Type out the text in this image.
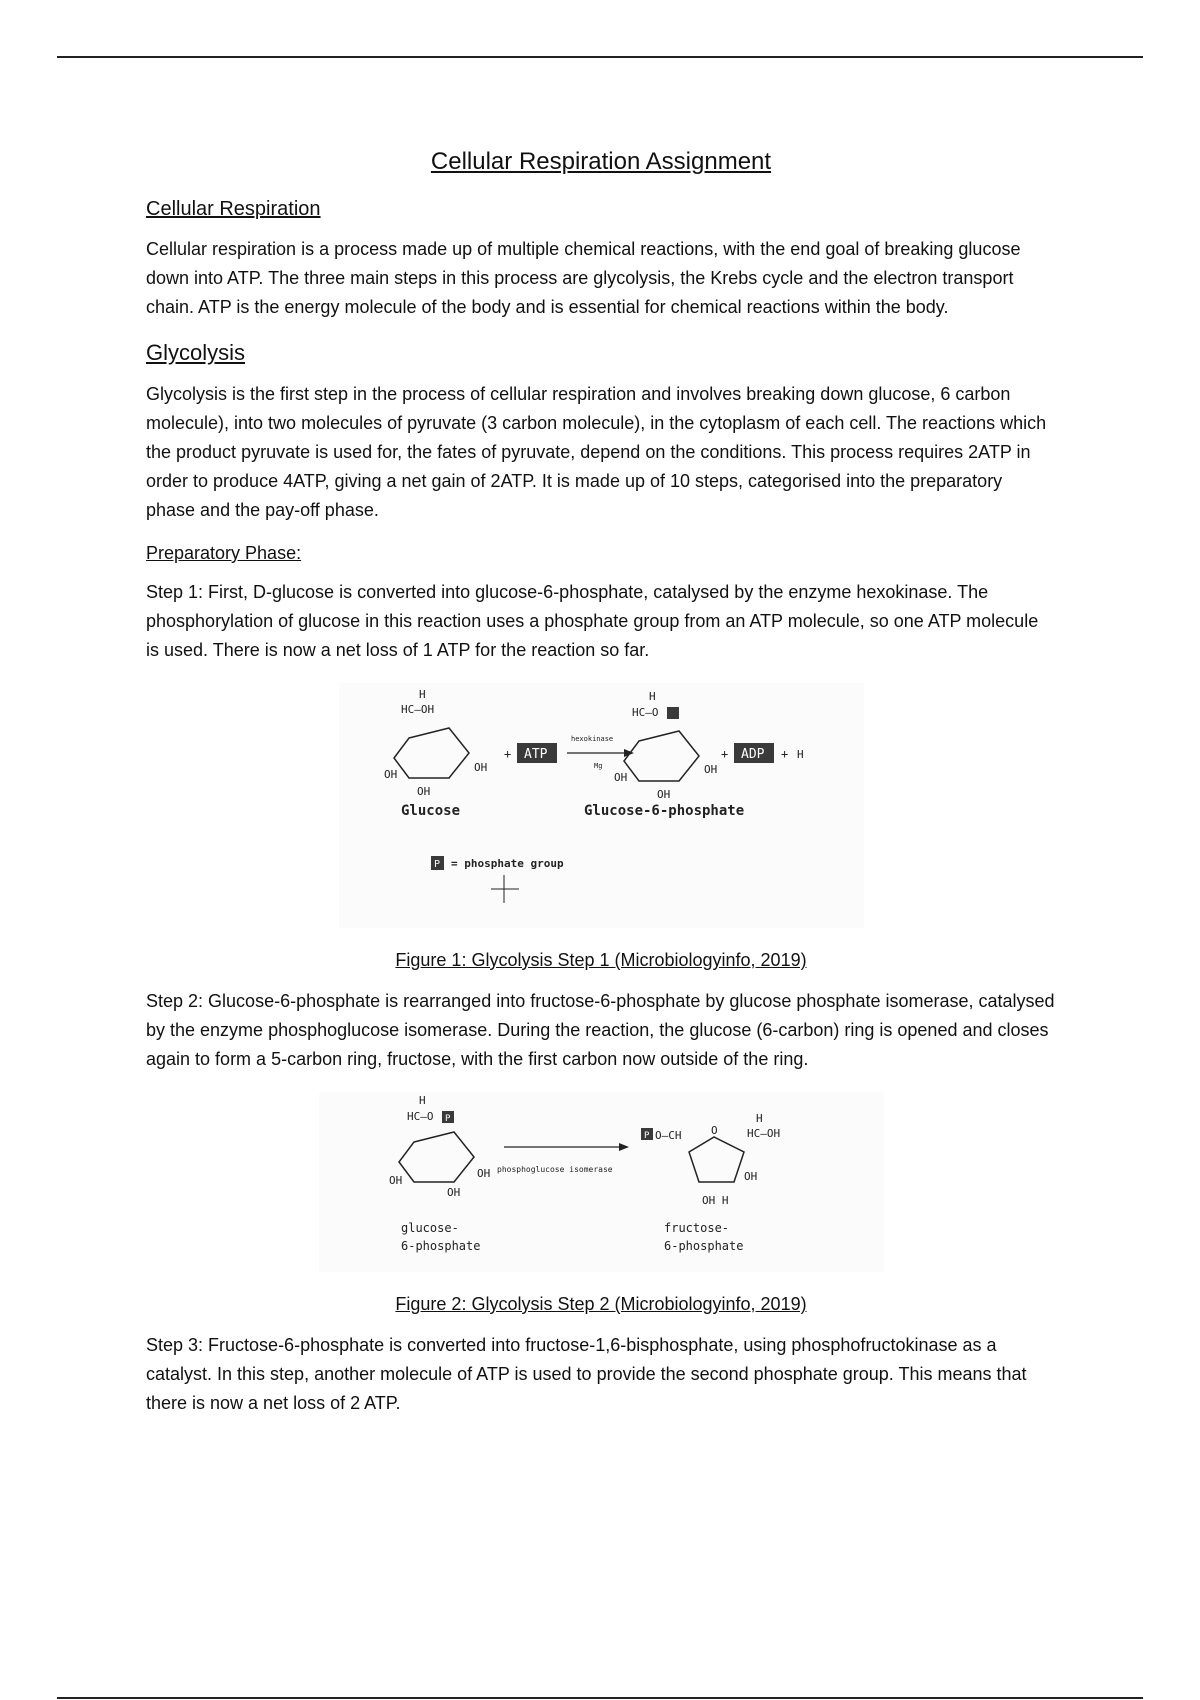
Cellular Respiration Assignment
Cellular Respiration

Cellular respiration is a process made up of multiple chemical reactions, with the end goal of breaking glucose down into ATP. The three main steps in this process are glycolysis, the Krebs cycle and the electron transport chain. ATP is the energy molecule of the body and is essential for chemical reactions within the body.

Glycolysis

Glycolysis is the first step in the process of cellular respiration and involves breaking down glucose, 6 carbon molecule), into two molecules of pyruvate (3 carbon molecule), in the cytoplasm of each cell. The reactions which the product pyruvate is used for, the fates of pyruvate, depend on the conditions. This process requires 2ATP in order to produce 4ATP, giving a net gain of 2ATP. It is made up of 10 steps, categorised into the preparatory phase and the pay-off phase.

Preparatory Phase:

Step 1: First, D-glucose is converted into glucose-6-phosphate, catalysed by the enzyme hexokinase. The phosphorylation of glucose in this reaction uses a phosphate group from an ATP molecule, so one ATP molecule is used. There is now a net loss of 1 ATP for the reaction so far.

HC–OH
H
OH
OH
OH
Glucose
+ ATP
hexokinase
Mg
HC–O
H
OH
OH
OH
Glucose-6-phosphate
+ ADP + H
P = phosphate group
Figure 1: Glycolysis Step 1 (Microbiologyinfo, 2019)

Step 2: Glucose-6-phosphate is rearranged into fructose-6-phosphate by glucose phosphate isomerase, catalysed by the enzyme phosphoglucose isomerase. During the reaction, the glucose (6-carbon) ring is opened and closes again to form a 5-carbon ring, fructose, with the first carbon now outside of the ring.

HC–O P
H
OH
OH
OH
glucose-
6-phosphate
phosphoglucose isomerase
P O–CH	HC–OH
H
O
OH
OH H
fructose-
6-phosphate
Figure 2: Glycolysis Step 2 (Microbiologyinfo, 2019)

Step 3: Fructose-6-phosphate is converted into fructose-1,6-bisphosphate, using phosphofructokinase as a catalyst. In this step, another molecule of ATP is used to provide the second phosphate group. This means that there is now a net loss of 2 ATP.
